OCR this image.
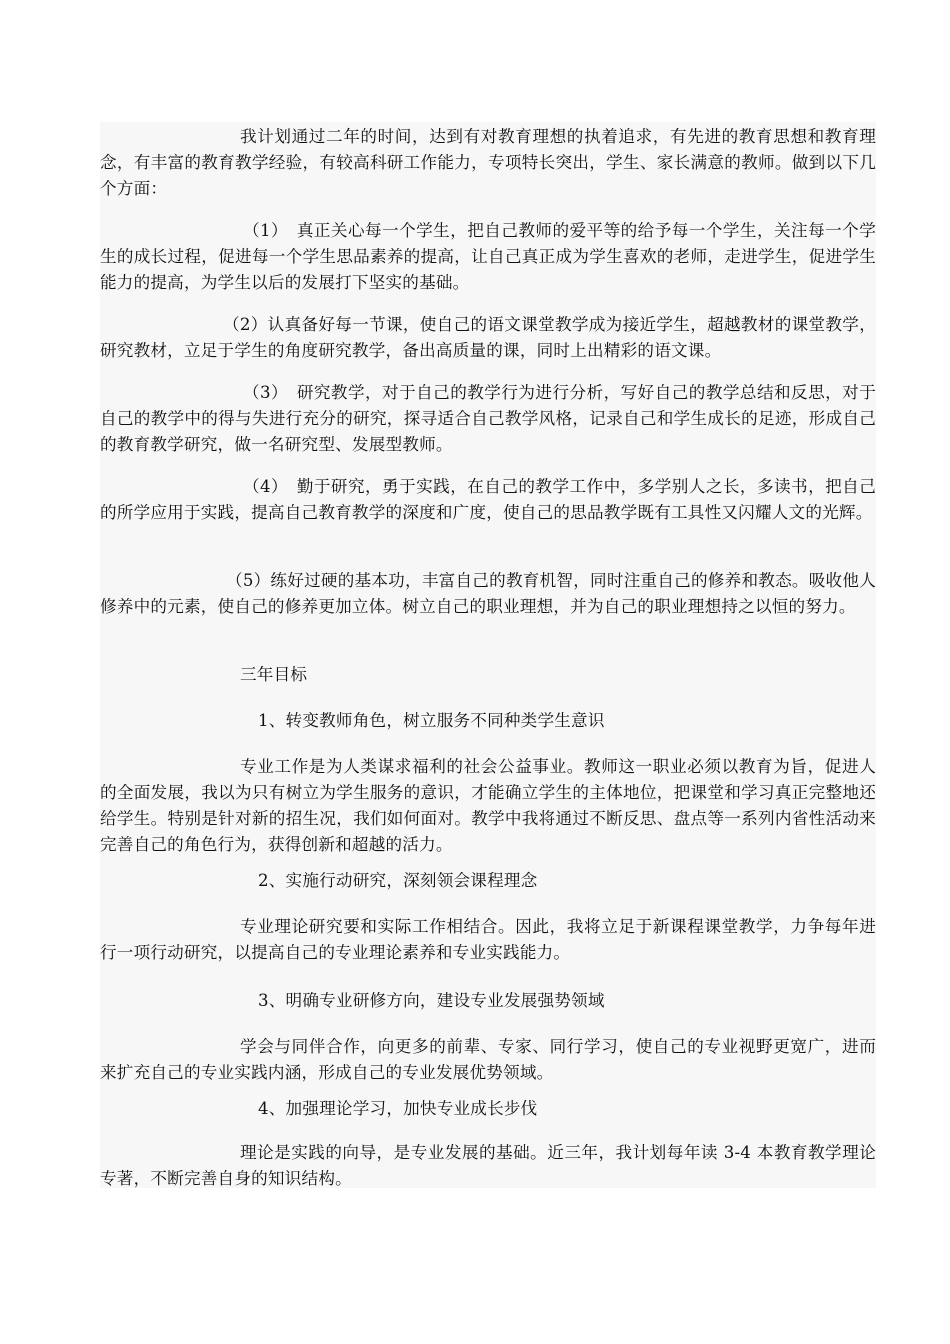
我计划通过二年的时间，达到有对教育理想的执着追求，有先进的教育思想和教育理念，有丰富的教育教学经验，有较高科研工作能力，专项特长突出，学生、家长满意的教师。做到以下几个方面：

（1）　真正关心每一个学生，把自己教师的爱平等的给予每一个学生，关注每一个学生的成长过程，促进每一个学生思品素养的提高，让自己真正成为学生喜欢的老师，走进学生，促进学生能力的提高，为学生以后的发展打下坚实的基础。

（2）认真备好每一节课，使自己的语文课堂教学成为接近学生，超越教材的课堂教学，研究教材，立足于学生的角度研究教学，备出高质量的课，同时上出精彩的语文课。

（3）　研究教学，对于自己的教学行为进行分析，写好自己的教学总结和反思，对于自己的教学中的得与失进行充分的研究，探寻适合自己教学风格，记录自己和学生成长的足迹，形成自己的教育教学研究，做一名研究型、发展型教师。

（4）　勤于研究，勇于实践，在自己的教学工作中，多学别人之长，多读书，把自己的所学应用于实践，提高自己教育教学的深度和广度，使自己的思品教学既有工具性又闪耀人文的光辉。

（5）练好过硬的基本功，丰富自己的教育机智，同时注重自己的修养和教态。吸收他人修养中的元素，使自己的修养更加立体。树立自己的职业理想，并为自己的职业理想持之以恒的努力。

三年目标

1、转变教师角色，树立服务不同种类学生意识

专业工作是为人类谋求福利的社会公益事业。教师这一职业必须以教育为旨，促进人的全面发展，我以为只有树立为学生服务的意识，才能确立学生的主体地位，把课堂和学习真正完整地还给学生。特别是针对新的招生况，我们如何面对。教学中我将通过不断反思、盘点等一系列内省性活动来完善自己的角色行为，获得创新和超越的活力。

2、实施行动研究，深刻领会课程理念

专业理论研究要和实际工作相结合。因此，我将立足于新课程课堂教学，力争每年进行一项行动研究，以提高自己的专业理论素养和专业实践能力。

3、明确专业研修方向，建设专业发展强势领域

学会与同伴合作，向更多的前辈、专家、同行学习，使自己的专业视野更宽广，进而来扩充自己的专业实践内涵，形成自己的专业发展优势领域。

4、加强理论学习，加快专业成长步伐

理论是实践的向导，是专业发展的基础。近三年，我计划每年读 3-4 本教育教学理论专著，不断完善自身的知识结构。
